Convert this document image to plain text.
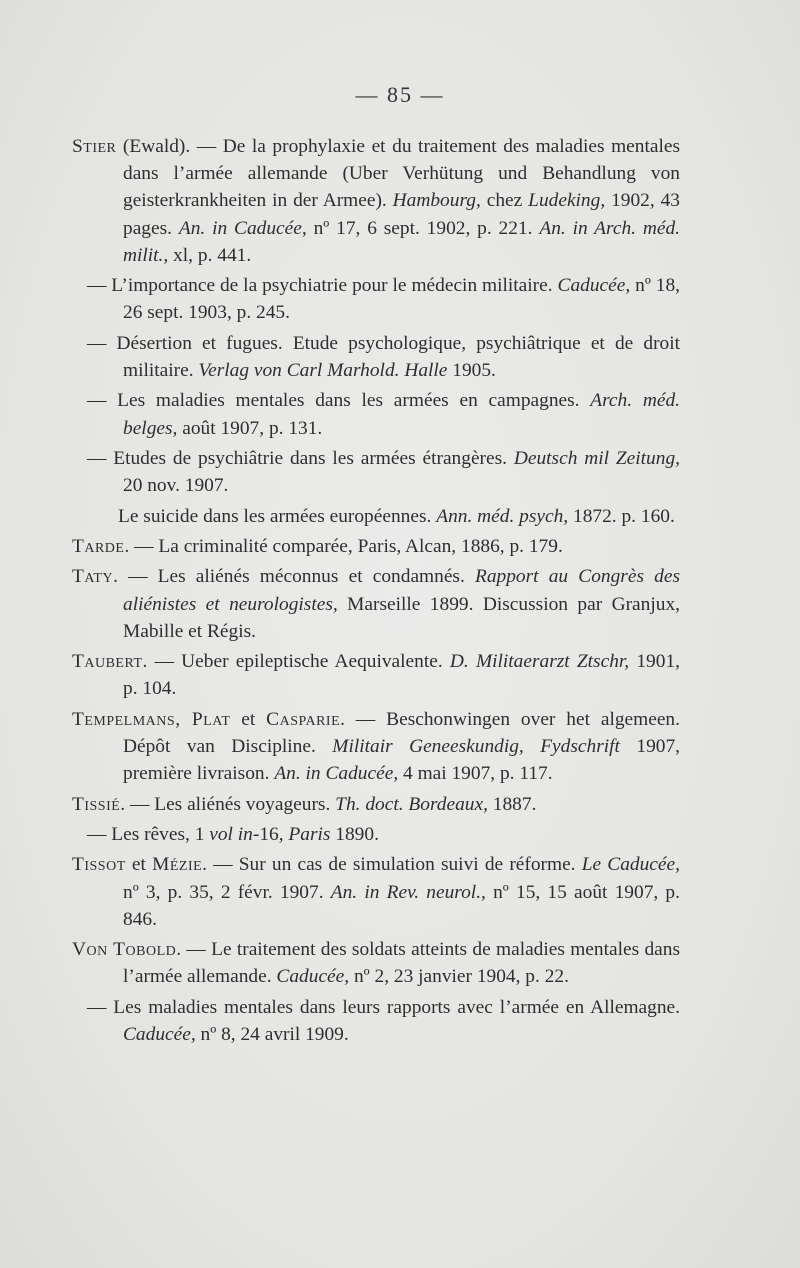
— 85 —

Stier (Ewald). — De la prophylaxie et du traitement des maladies mentales dans l’armée allemande (Uber Verhütung und Behandlung von geisterkrankheiten in der Armee). Hambourg, chez Ludeking, 1902, 43 pages. An. in Caducée, nº 17, 6 sept. 1902, p. 221. An. in Arch. méd. milit., xl, p. 441.

— L’importance de la psychiatrie pour le médecin militaire. Caducée, nº 18, 26 sept. 1903, p. 245.

— Désertion et fugues. Etude psychologique, psychiâtrique et de droit militaire. Verlag von Carl Marhold. Halle 1905.

— Les maladies mentales dans les armées en campagnes. Arch. méd. belges, août 1907, p. 131.

— Etudes de psychiâtrie dans les armées étrangères. Deutsch mil Zeitung, 20 nov. 1907.

Le suicide dans les armées européennes. Ann. méd. psych, 1872. p. 160.

Tarde. — La criminalité comparée, Paris, Alcan, 1886, p. 179.

Taty. — Les aliénés méconnus et condamnés. Rapport au Congrès des aliénistes et neurologistes, Marseille 1899. Discussion par Granjux, Mabille et Régis.

Taubert. — Ueber epileptische Aequivalente. D. Militaerarzt Ztschr, 1901, p. 104.

Tempelmans, Plat et Casparie. — Beschonwingen over het algemeen. Dépôt van Discipline. Militair Geneeskundig, Fydschrift 1907, première livraison. An. in Caducée, 4 mai 1907, p. 117.

Tissié. — Les aliénés voyageurs. Th. doct. Bordeaux, 1887.

— Les rêves, 1 vol in-16, Paris 1890.

Tissot et Mézie. — Sur un cas de simulation suivi de réforme. Le Caducée, nº 3, p. 35, 2 févr. 1907. An. in Rev. neurol., nº 15, 15 août 1907, p. 846.

Von Tobold. — Le traitement des soldats atteints de maladies mentales dans l’armée allemande. Caducée, nº 2, 23 janvier 1904, p. 22.

— Les maladies mentales dans leurs rapports avec l’armée en Allemagne. Caducée, nº 8, 24 avril 1909.
